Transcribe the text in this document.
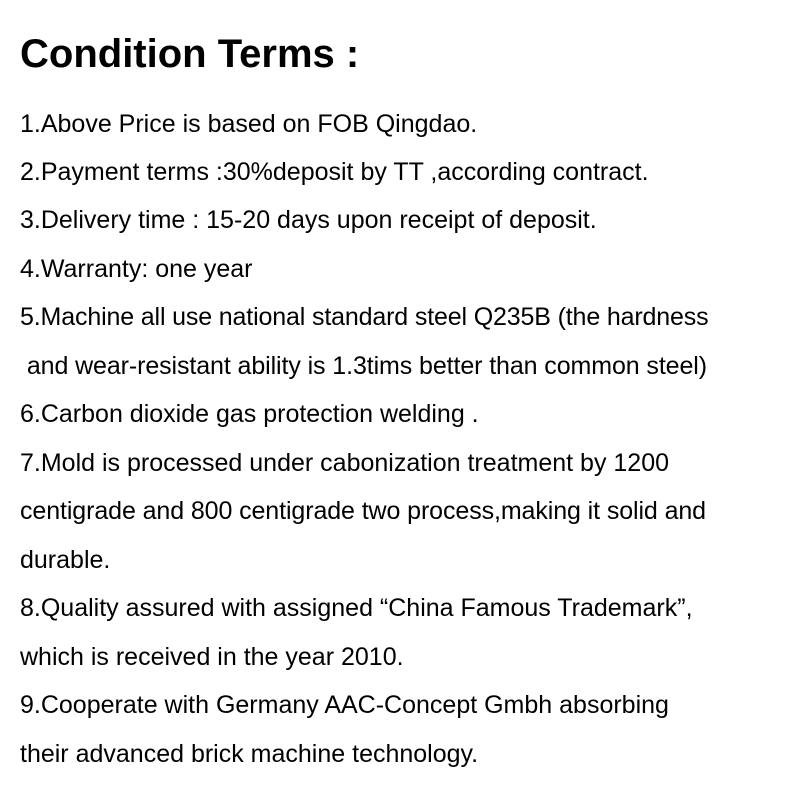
Condition Terms :

1.Above Price is based on FOB Qingdao.

2.Payment terms :30%deposit by TT ,according contract.

3.Delivery time : 15-20 days upon receipt of deposit.

4.Warranty: one year

5.Machine all use national standard steel Q235B (the hardness

and wear-resistant ability is 1.3tims better than common steel)

6.Carbon dioxide gas protection welding .

7.Mold is processed under cabonization treatment by 1200

centigrade and 800 centigrade two process,making it solid and

durable.

8.Quality assured with assigned “China Famous Trademark”,

which is received in the year 2010.

9.Cooperate with Germany AAC-Concept Gmbh absorbing

their advanced brick machine technology.
